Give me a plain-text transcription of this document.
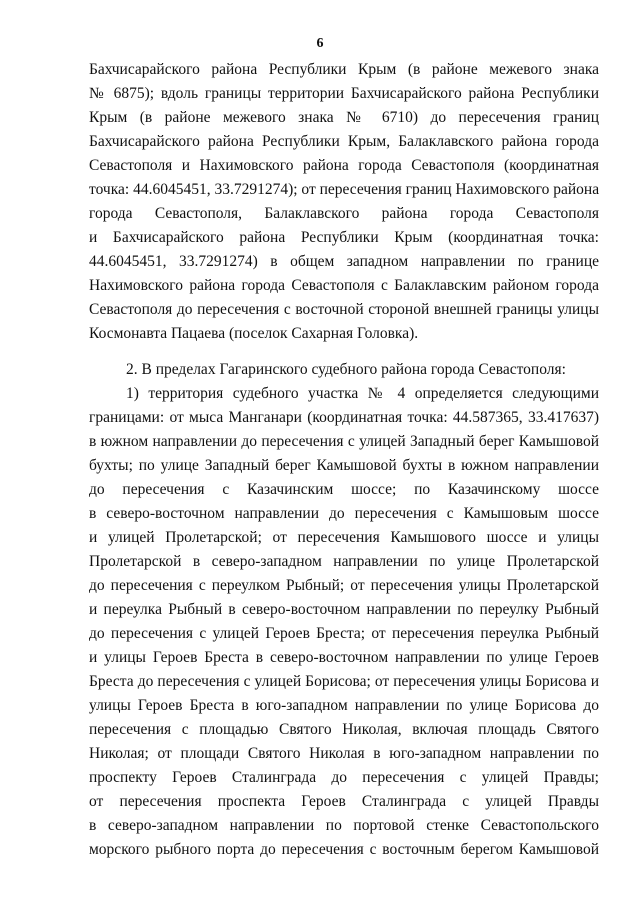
6
Бахчисарайского района Республики Крым (в районе межевого знака
№ 6875); вдоль границы территории Бахчисарайского района Республики
Крым (в районе межевого знака № 6710) до пересечения границ
Бахчисарайского района Республики Крым, Балаклавского района города
Севастополя и Нахимовского района города Севастополя (координатная
точка: 44.6045451, 33.7291274); от пересечения границ Нахимовского района
города Севастополя, Балаклавского района города Севастополя
и Бахчисарайского района Республики Крым (координатная точка:
44.6045451, 33.7291274) в общем западном направлении по границе
Нахимовского района города Севастополя с Балаклавским районом города
Севастополя до пересечения с восточной стороной внешней границы улицы
Космонавта Пацаева (поселок Сахарная Головка).
2. В пределах Гагаринского судебного района города Севастополя:
1) территория судебного участка № 4 определяется следующими
границами: от мыса Манганари (координатная точка: 44.587365, 33.417637)
в южном направлении до пересечения с улицей Западный берег Камышовой
бухты; по улице Западный берег Камышовой бухты в южном направлении
до пересечения с Казачинским шоссе; по Казачинскому шоссе
в северо-восточном направлении до пересечения с Камышовым шоссе
и улицей Пролетарской; от пересечения Камышового шоссе и улицы
Пролетарской в северо-западном направлении по улице Пролетарской
до пересечения с переулком Рыбный; от пересечения улицы Пролетарской
и переулка Рыбный в северо-восточном направлении по переулку Рыбный
до пересечения с улицей Героев Бреста; от пересечения переулка Рыбный
и улицы Героев Бреста в северо-восточном направлении по улице Героев
Бреста до пересечения с улицей Борисова; от пересечения улицы Борисова и
улицы Героев Бреста в юго-западном направлении по улице Борисова до
пересечения с площадью Святого Николая, включая площадь Святого
Николая; от площади Святого Николая в юго-западном направлении по
проспекту Героев Сталинграда до пересечения с улицей Правды;
от пересечения проспекта Героев Сталинграда с улицей Правды
в северо-западном направлении по портовой стенке Севастопольского
морского рыбного порта до пересечения с восточным берегом Камышовой
